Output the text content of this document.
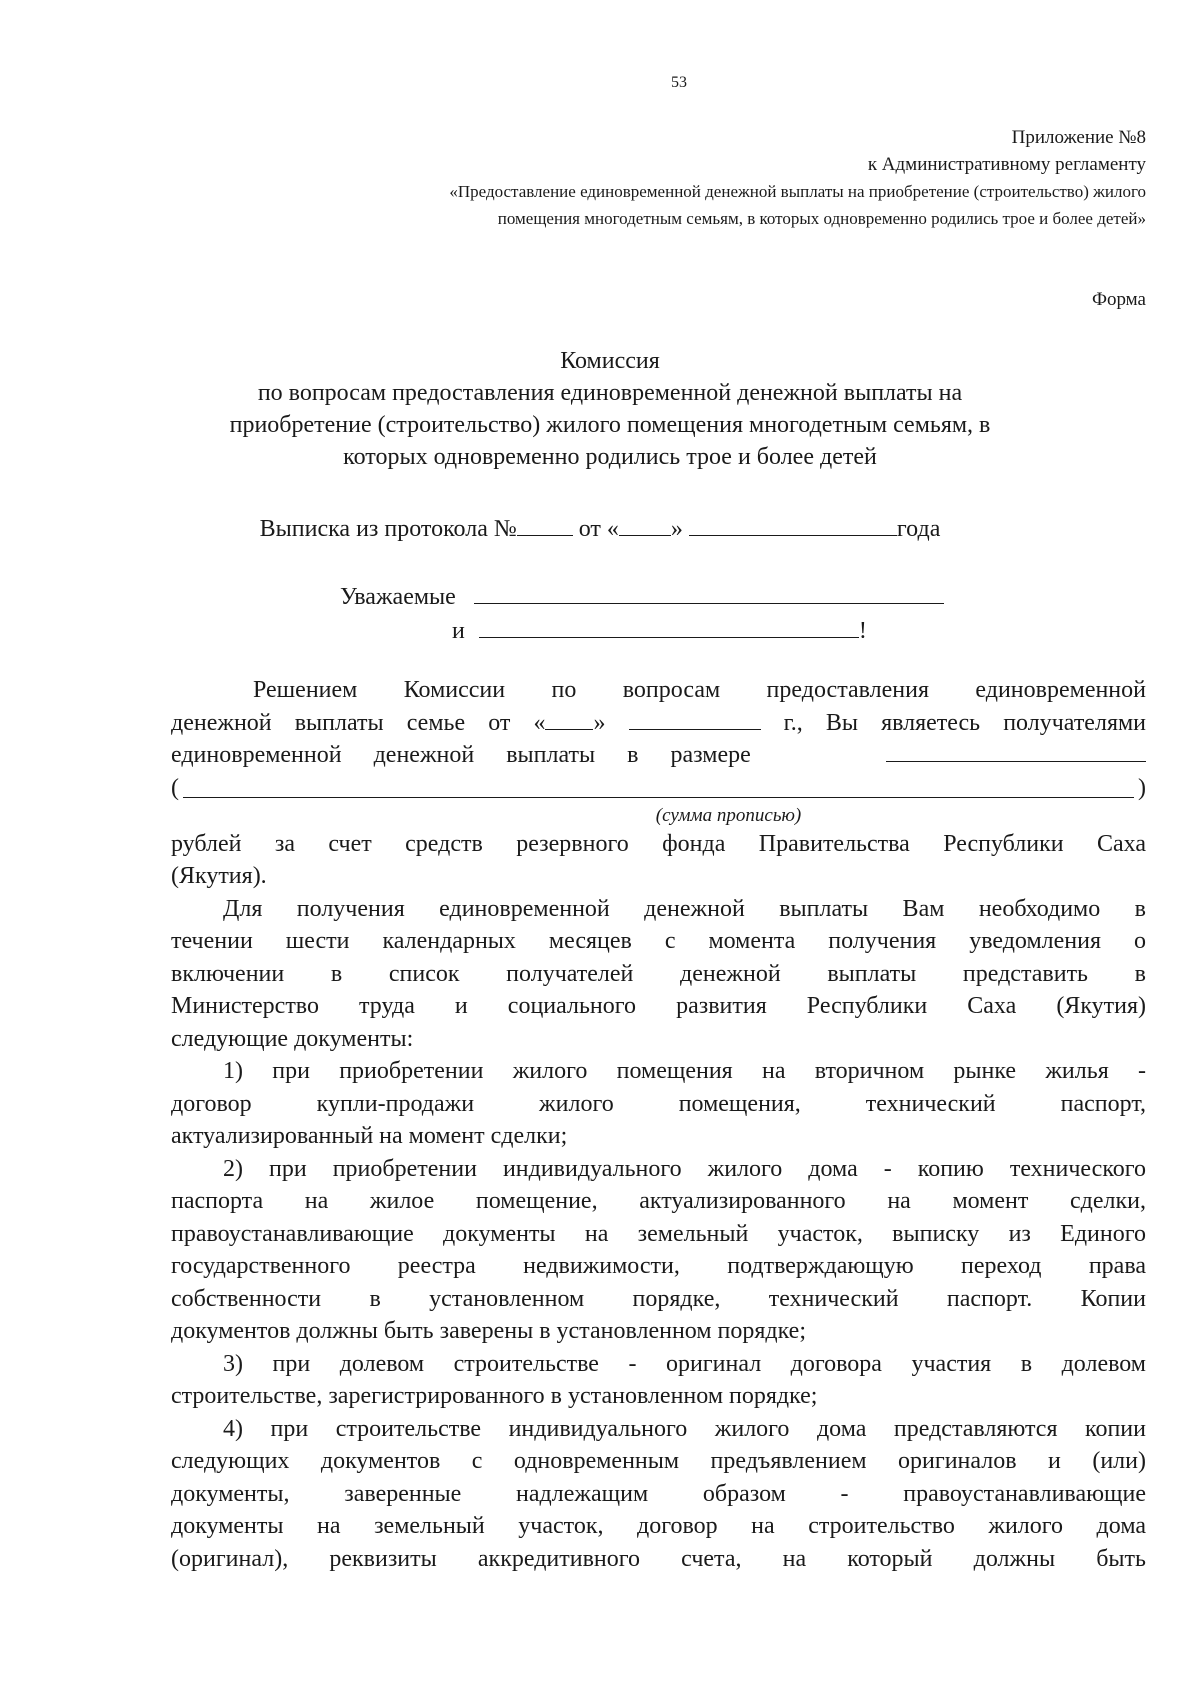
53
Приложение №8
к Административному регламенту
«Предоставление единовременной денежной выплаты на приобретение (строительство) жилого
помещения многодетным семьям, в которых одновременно родились трое и более детей»
Форма
Комиссия
по вопросам предоставления единовременной денежной выплаты на
приобретение (строительство) жилого помещения многодетным семьям, в
которых одновременно родились трое и более детей
Выписка из протокола № от « »	года
Уважаемые
и	!
Решением Комиссии по вопросам предоставления единовременной
денежной выплаты семье от « »	г., Вы являетесь получателями
единовременной денежной выплаты в размере
(	)
(сумма прописью)
рублей за счет средств резервного фонда Правительства Республики Саха
(Якутия).
Для получения единовременной денежной выплаты Вам необходимо в
течении шести календарных месяцев с момента получения уведомления о
включении в список получателей денежной выплаты представить в
Министерство труда и социального развития Республики Саха (Якутия)
следующие документы:
1) при приобретении жилого помещения на вторичном рынке жилья -
договор купли-продажи жилого помещения, технический паспорт,
актуализированный на момент сделки;
2) при приобретении индивидуального жилого дома - копию технического
паспорта на жилое помещение, актуализированного на момент сделки,
правоустанавливающие документы на земельный участок, выписку из Единого
государственного реестра недвижимости, подтверждающую переход права
собственности в установленном порядке, технический паспорт. Копии
документов должны быть заверены в установленном порядке;
3) при долевом строительстве - оригинал договора участия в долевом
строительстве, зарегистрированного в установленном порядке;
4) при строительстве индивидуального жилого дома представляются копии
следующих документов с одновременным предъявлением оригиналов и (или)
документы, заверенные надлежащим образом - правоустанавливающие
документы на земельный участок, договор на строительство жилого дома
(оригинал), реквизиты аккредитивного счета, на который должны быть
